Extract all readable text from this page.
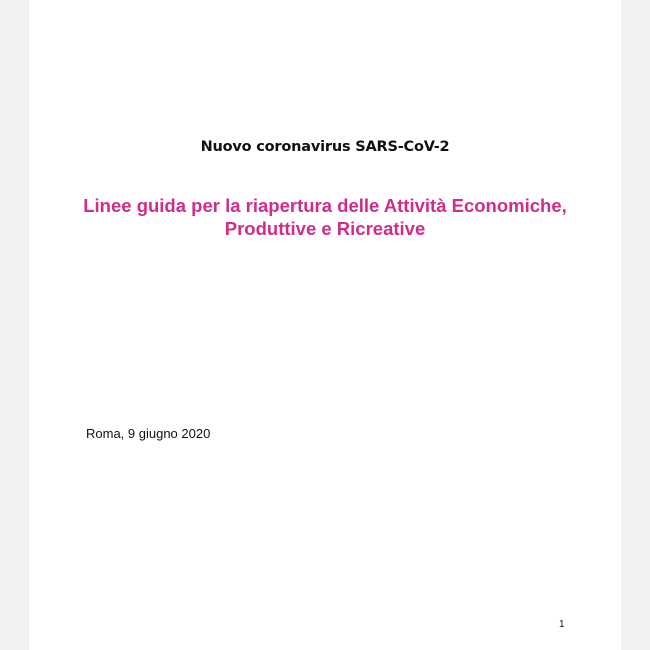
Nuovo coronavirus SARS-CoV-2
Linee guida per la riapertura delle Attività Economiche,
Produttive e Ricreative
Roma, 9 giugno 2020
1
